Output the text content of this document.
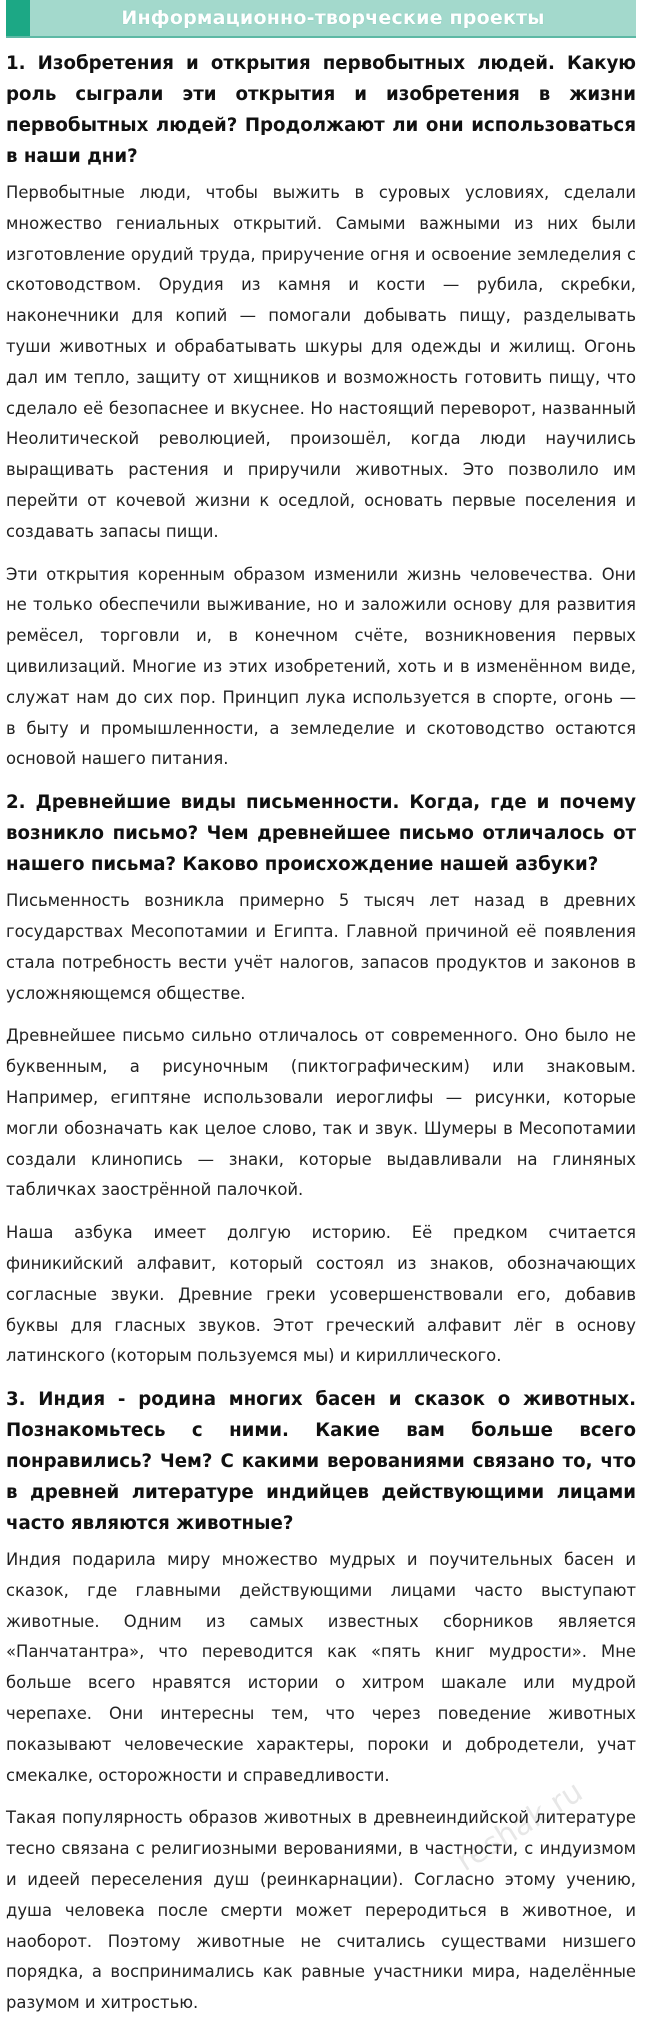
Информационно-творческие проекты
1. Изобретения и открытия первобытных людей. Какую роль сыграли эти открытия и изобретения в жизни первобытных людей? Продолжают ли они использоваться в наши дни?

Первобытные люди, чтобы выжить в суровых условиях, сделали множество гениальных открытий. Самыми важными из них были изготовление орудий труда, приручение огня и освоение земледелия с скотоводством. Орудия из камня и кости — рубила, скребки, наконечники для копий — помогали добывать пищу, разделывать туши животных и обрабатывать шкуры для одежды и жилищ. Огонь дал им тепло, защиту от хищников и возможность готовить пищу, что сделало её безопаснее и вкуснее. Но настоящий переворот, названный Неолитической революцией, произошёл, когда люди научились выращивать растения и приручили животных. Это позволило им перейти от кочевой жизни к оседлой, основать первые поселения и создавать запасы пищи.

Эти открытия коренным образом изменили жизнь человечества. Они не только обеспечили выживание, но и заложили основу для развития ремёсел, торговли и, в конечном счёте, возникновения первых цивилизаций. Многие из этих изобретений, хоть и в изменённом виде, служат нам до сих пор. Принцип лука используется в спорте, огонь — в быту и промышленности, а земледелие и скотоводство остаются основой нашего питания.

2. Древнейшие виды письменности. Когда, где и почему возникло письмо? Чем древнейшее письмо отличалось от нашего письма? Каково происхождение нашей азбуки?

Письменность возникла примерно 5 тысяч лет назад в древних государствах Месопотамии и Египта. Главной причиной её появления стала потребность вести учёт налогов, запасов продуктов и законов в усложняющемся обществе.

Древнейшее письмо сильно отличалось от современного. Оно было не буквенным, а рисуночным (пиктографическим) или знаковым. Например, египтяне использовали иероглифы — рисунки, которые могли обозначать как целое слово, так и звук. Шумеры в Месопотамии создали клинопись — знаки, которые выдавливали на глиняных табличках заострённой палочкой.

Наша азбука имеет долгую историю. Её предком считается финикийский алфавит, который состоял из знаков, обозначающих согласные звуки. Древние греки усовершенствовали его, добавив буквы для гласных звуков. Этот греческий алфавит лёг в основу латинского (которым пользуемся мы) и кириллического.

3. Индия - родина многих басен и сказок о животных. Познакомьтесь с ними. Какие вам больше всего понравились? Чем? С какими верованиями связано то, что в древней литературе индийцев действующими лицами часто являются животные?

Индия подарила миру множество мудрых и поучительных басен и сказок, где главными действующими лицами часто выступают животные. Одним из самых известных сборников является «Панчатантра», что переводится как «пять книг мудрости». Мне больше всего нравятся истории о хитром шакале или мудрой черепахе. Они интересны тем, что через поведение животных показывают человеческие характеры, пороки и добродетели, учат смекалке, осторожности и справедливости.

Такая популярность образов животных в древнеиндийской литературе тесно связана с религиозными верованиями, в частности, с индуизмом и идеей переселения душ (реинкарнации). Согласно этому учению, душа человека после смерти может переродиться в животное, и наоборот. Поэтому животные не считались существами низшего порядка, а воспринимались как равные участники мира, наделённые разумом и хитростью.

reshak.ru
